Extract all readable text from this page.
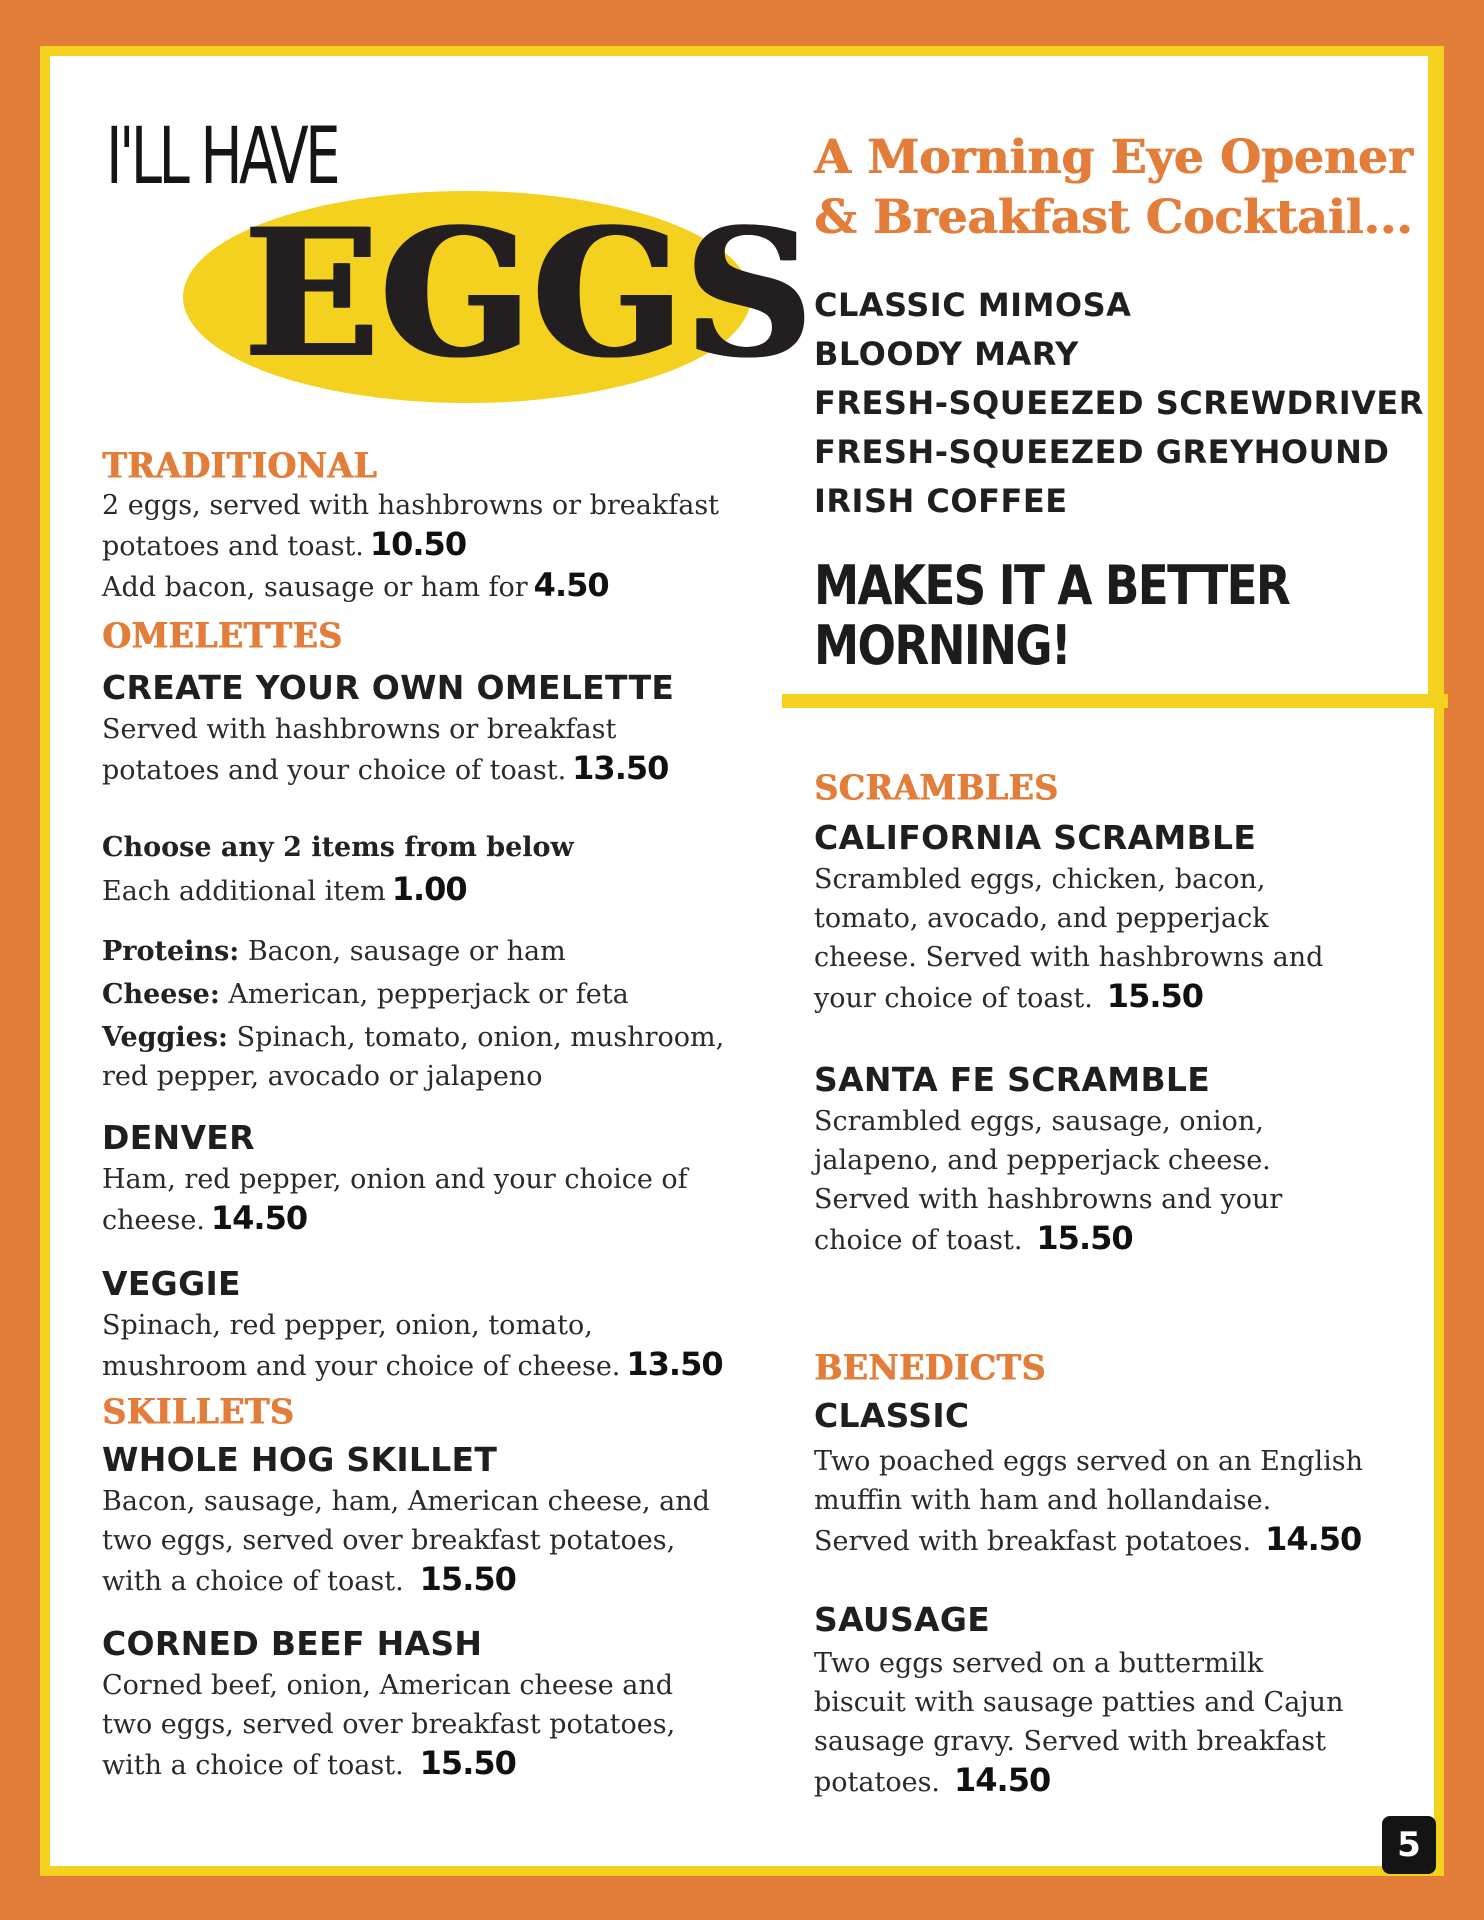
I'LL HAVE
EGGS
TRADITIONAL
2 eggs, served with hashbrowns or breakfast
potatoes and toast. 10.50
Add bacon, sausage or ham for 4.50
OMELETTES
CREATE YOUR OWN OMELETTE
Served with hashbrowns or breakfast
potatoes and your choice of toast. 13.50
Choose any 2 items from below
Each additional item 1.00
Proteins: Bacon, sausage or ham
Cheese: American, pepperjack or feta
Veggies: Spinach, tomato, onion, mushroom,
red pepper, avocado or jalapeno
DENVER
Ham, red pepper, onion and your choice of
cheese. 14.50
VEGGIE
Spinach, red pepper, onion, tomato,
mushroom and your choice of cheese. 13.50
SKILLETS
WHOLE HOG SKILLET
Bacon, sausage, ham, American cheese, and
two eggs, served over breakfast potatoes,
with a choice of toast. 15.50
CORNED BEEF HASH
Corned beef, onion, American cheese and
two eggs, served over breakfast potatoes,
with a choice of toast. 15.50
A Morning Eye Opener
& Breakfast Cocktail...
CLASSIC MIMOSA
BLOODY MARY
FRESH-SQUEEZED SCREWDRIVER
FRESH-SQUEEZED GREYHOUND
IRISH COFFEE
MAKES IT A BETTER MORNING!
SCRAMBLES
CALIFORNIA SCRAMBLE
Scrambled eggs, chicken, bacon,
tomato, avocado, and pepperjack
cheese. Served with hashbrowns and
your choice of toast. 15.50
SANTA FE SCRAMBLE
Scrambled eggs, sausage, onion,
jalapeno, and pepperjack cheese.
Served with hashbrowns and your
choice of toast. 15.50
BENEDICTS
CLASSIC
Two poached eggs served on an English
muffin with ham and hollandaise.
Served with breakfast potatoes. 14.50
SAUSAGE
Two eggs served on a buttermilk
biscuit with sausage patties and Cajun
sausage gravy. Served with breakfast
potatoes. 14.50
5
